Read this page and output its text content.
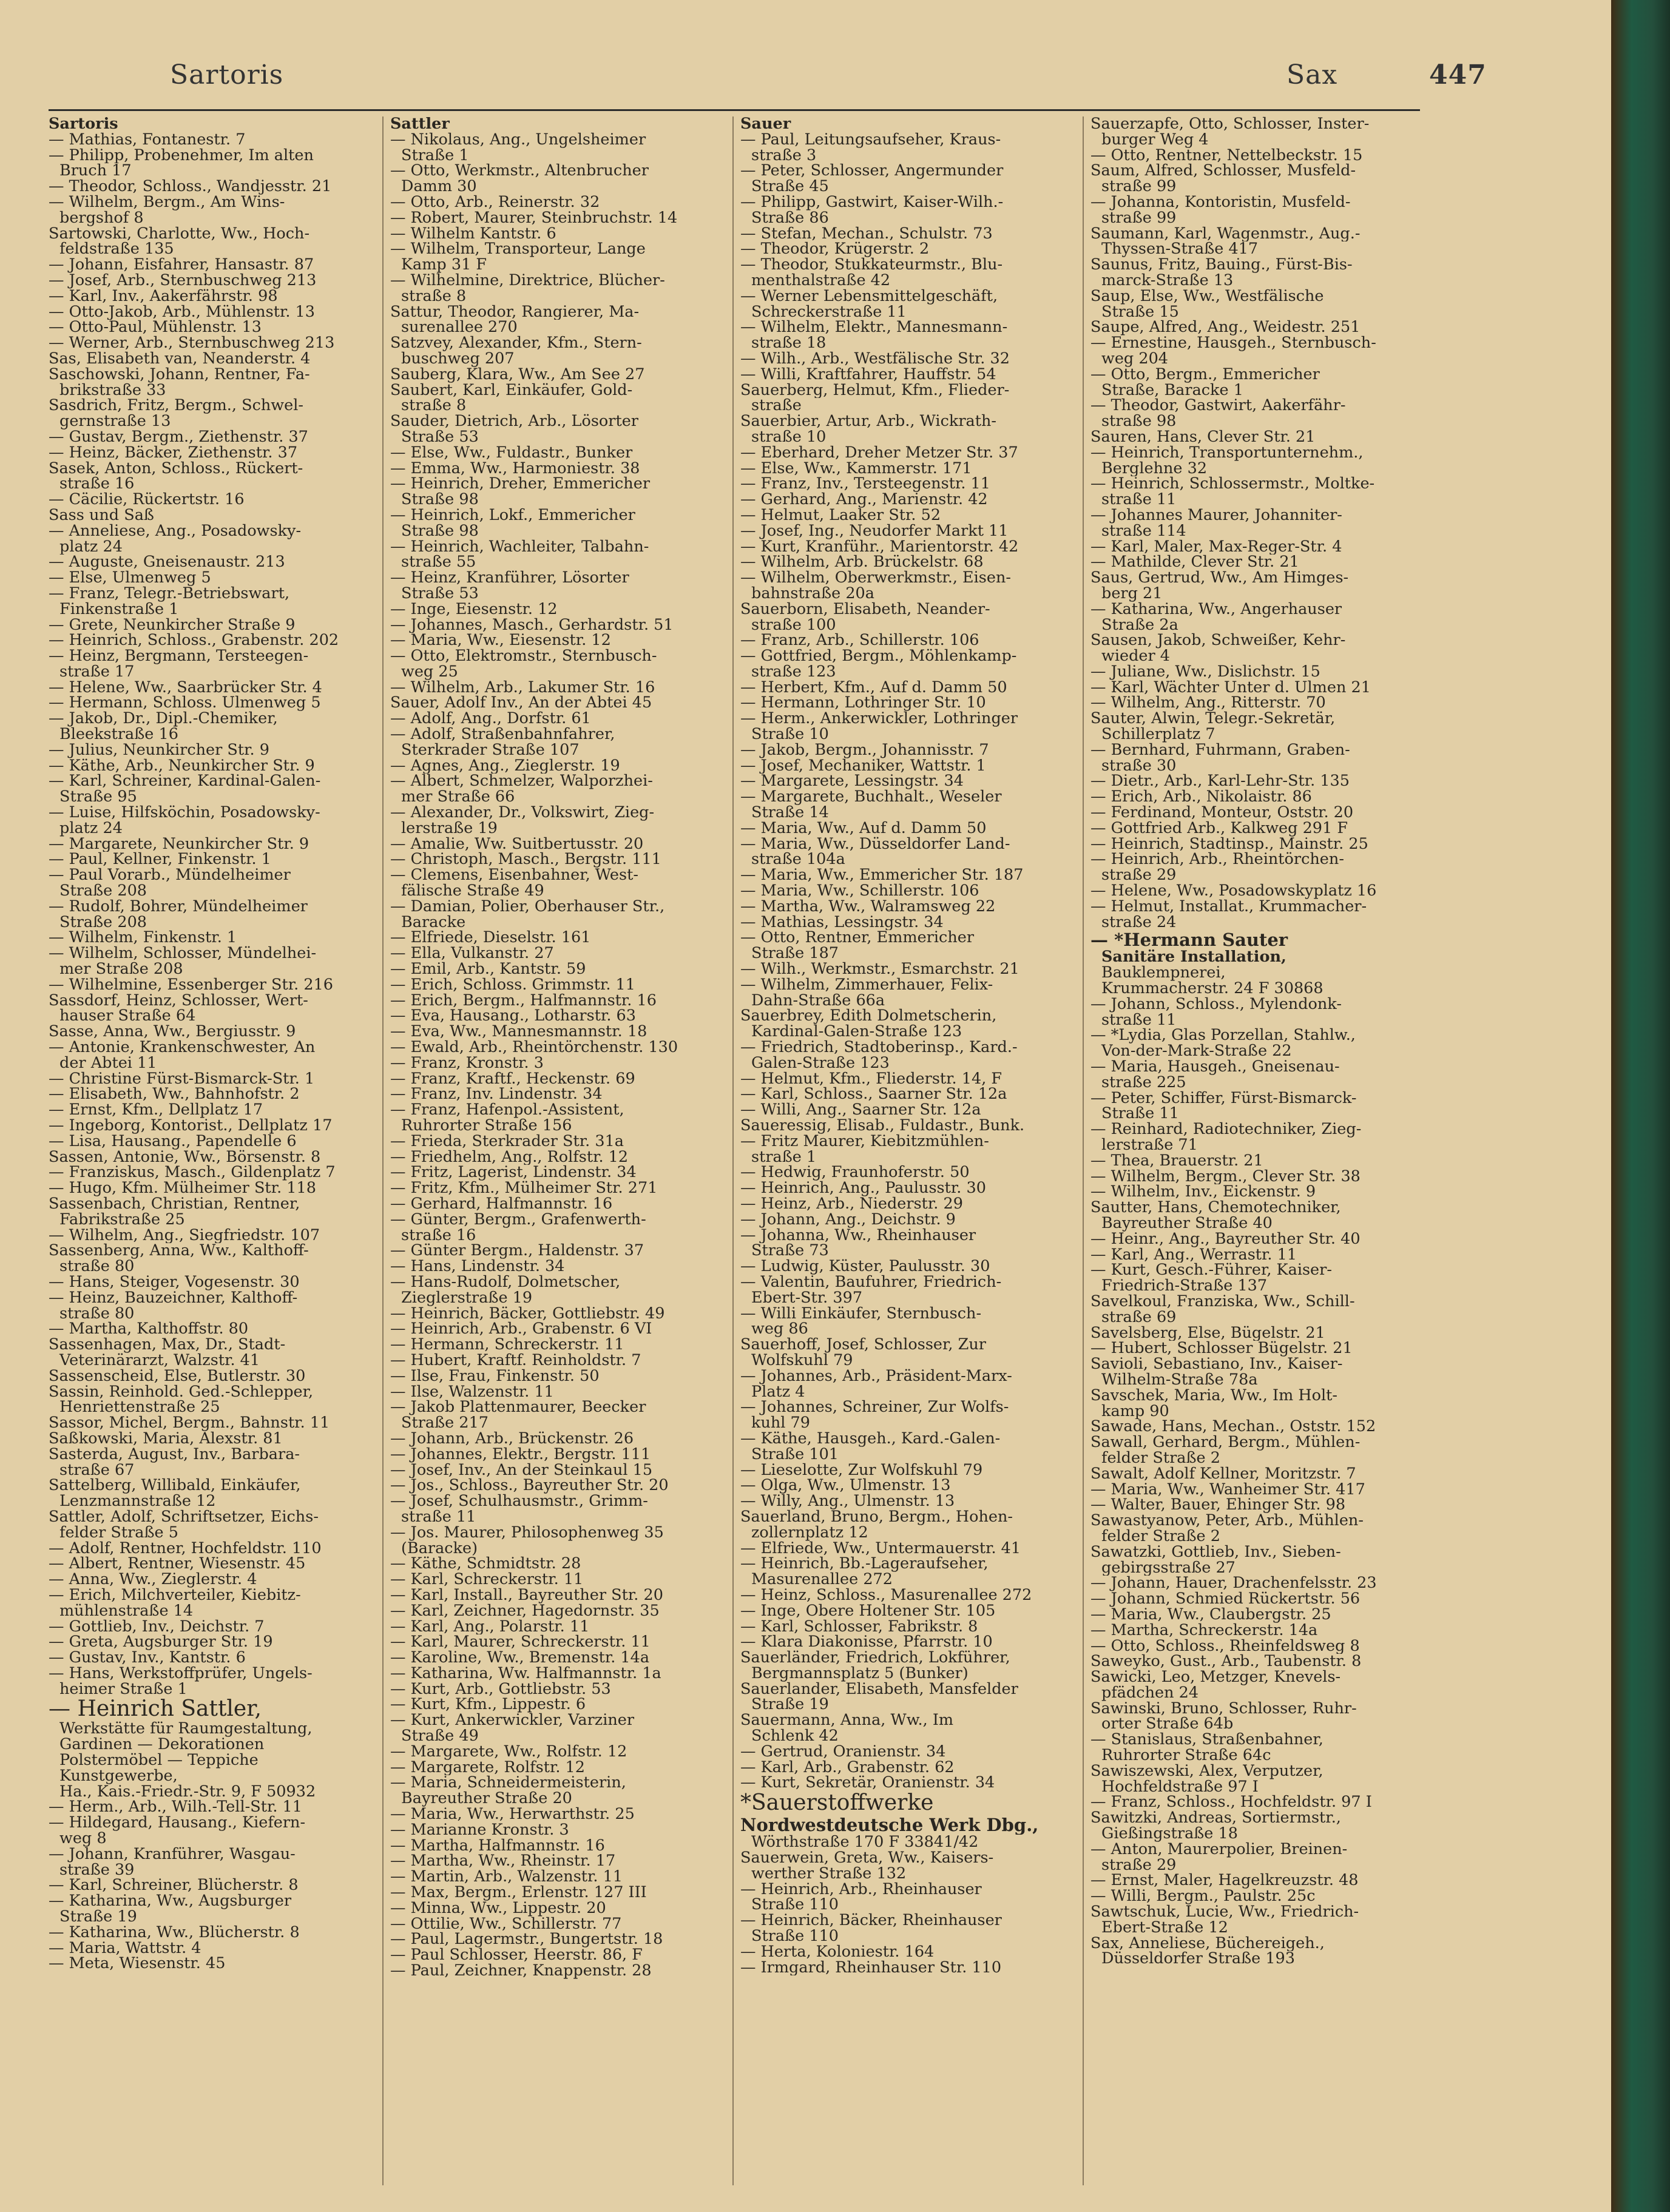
Sartoris	Sax	447
Sartoris
— Mathias, Fontanestr. 7
— Philipp, Probenehmer, Im alten
Bruch 17
— Theodor, Schloss., Wandjesstr. 21
— Wilhelm, Bergm., Am Wins-
bergshof 8
Sartowski, Charlotte, Ww., Hoch-
feldstraße 135
— Johann, Eisfahrer, Hansastr. 87
— Josef, Arb., Sternbuschweg 213
— Karl, Inv., Aakerfährstr. 98
— Otto-Jakob, Arb., Mühlenstr. 13
— Otto-Paul, Mühlenstr. 13
— Werner, Arb., Sternbuschweg 213
Sas, Elisabeth van, Neanderstr. 4
Saschowski, Johann, Rentner, Fa-
brikstraße 33
Sasdrich, Fritz, Bergm., Schwel-
gernstraße 13
— Gustav, Bergm., Ziethenstr. 37
— Heinz, Bäcker, Ziethenstr. 37
Sasek, Anton, Schloss., Rückert-
straße 16
— Cäcilie, Rückertstr. 16
Sass und Saß
— Anneliese, Ang., Posadowsky-
platz 24
— Auguste, Gneisenaustr. 213
— Else, Ulmenweg 5
— Franz, Telegr.-Betriebswart,
Finkenstraße 1
— Grete, Neunkircher Straße 9
— Heinrich, Schloss., Grabenstr. 202
— Heinz, Bergmann, Tersteegen-
straße 17
— Helene, Ww., Saarbrücker Str. 4
— Hermann, Schloss. Ulmenweg 5
— Jakob, Dr., Dipl.-Chemiker,
Bleekstraße 16
— Julius, Neunkircher Str. 9
— Käthe, Arb., Neunkircher Str. 9
— Karl, Schreiner, Kardinal-Galen-
Straße 95
— Luise, Hilfsköchin, Posadowsky-
platz 24
— Margarete, Neunkircher Str. 9
— Paul, Kellner, Finkenstr. 1
— Paul Vorarb., Mündelheimer
Straße 208
— Rudolf, Bohrer, Mündelheimer
Straße 208
— Wilhelm, Finkenstr. 1
— Wilhelm, Schlosser, Mündelhei-
mer Straße 208
— Wilhelmine, Essenberger Str. 216
Sassdorf, Heinz, Schlosser, Wert-
hauser Straße 64
Sasse, Anna, Ww., Bergiusstr. 9
— Antonie, Krankenschwester, An
der Abtei 11
— Christine Fürst-Bismarck-Str. 1
— Elisabeth, Ww., Bahnhofstr. 2
— Ernst, Kfm., Dellplatz 17
— Ingeborg, Kontorist., Dellplatz 17
— Lisa, Hausang., Papendelle 6
Sassen, Antonie, Ww., Börsenstr. 8
— Franziskus, Masch., Gildenplatz 7
— Hugo, Kfm. Mülheimer Str. 118
Sassenbach, Christian, Rentner,
Fabrikstraße 25
— Wilhelm, Ang., Siegfriedstr. 107
Sassenberg, Anna, Ww., Kalthoff-
straße 80
— Hans, Steiger, Vogesenstr. 30
— Heinz, Bauzeichner, Kalthoff-
straße 80
— Martha, Kalthoffstr. 80
Sassenhagen, Max, Dr., Stadt-
Veterinärarzt, Walzstr. 41
Sassenscheid, Else, Butlerstr. 30
Sassin, Reinhold. Ged.-Schlepper,
Henriettenstraße 25
Sassor, Michel, Bergm., Bahnstr. 11
Saßkowski, Maria, Alexstr. 81
Sasterda, August, Inv., Barbara-
straße 67
Sattelberg, Willibald, Einkäufer,
Lenzmannstraße 12
Sattler, Adolf, Schriftsetzer, Eichs-
felder Straße 5
— Adolf, Rentner, Hochfeldstr. 110
— Albert, Rentner, Wiesenstr. 45
— Anna, Ww., Zieglerstr. 4
— Erich, Milchverteiler, Kiebitz-
mühlenstraße 14
— Gottlieb, Inv., Deichstr. 7
— Greta, Augsburger Str. 19
— Gustav, Inv., Kantstr. 6
— Hans, Werkstoffprüfer, Ungels-
heimer Straße 1
— Heinrich Sattler,
Werkstätte für Raumgestaltung,
Gardinen — Dekorationen
Polstermöbel — Teppiche
Kunstgewerbe,
Ha., Kais.-Friedr.-Str. 9, F 50932
— Herm., Arb., Wilh.-Tell-Str. 11
— Hildegard, Hausang., Kiefern-
weg 8
— Johann, Kranführer, Wasgau-
straße 39
— Karl, Schreiner, Blücherstr. 8
— Katharina, Ww., Augsburger
Straße 19
— Katharina, Ww., Blücherstr. 8
— Maria, Wattstr. 4
— Meta, Wiesenstr. 45
Sattler
— Nikolaus, Ang., Ungelsheimer
Straße 1
— Otto, Werkmstr., Altenbrucher
Damm 30
— Otto, Arb., Reinerstr. 32
— Robert, Maurer, Steinbruchstr. 14
— Wilhelm Kantstr. 6
— Wilhelm, Transporteur, Lange
Kamp 31 F
— Wilhelmine, Direktrice, Blücher-
straße 8
Sattur, Theodor, Rangierer, Ma-
surenallee 270
Satzvey, Alexander, Kfm., Stern-
buschweg 207
Sauberg, Klara, Ww., Am See 27
Saubert, Karl, Einkäufer, Gold-
straße 8
Sauder, Dietrich, Arb., Lösorter
Straße 53
— Else, Ww., Fuldastr., Bunker
— Emma, Ww., Harmoniestr. 38
— Heinrich, Dreher, Emmericher
Straße 98
— Heinrich, Lokf., Emmericher
Straße 98
— Heinrich, Wachleiter, Talbahn-
straße 55
— Heinz, Kranführer, Lösorter
Straße 53
— Inge, Eiesenstr. 12
— Johannes, Masch., Gerhardstr. 51
— Maria, Ww., Eiesenstr. 12
— Otto, Elektromstr., Sternbusch-
weg 25
— Wilhelm, Arb., Lakumer Str. 16
Sauer, Adolf Inv., An der Abtei 45
— Adolf, Ang., Dorfstr. 61
— Adolf, Straßenbahnfahrer,
Sterkrader Straße 107
— Agnes, Ang., Zieglerstr. 19
— Albert, Schmelzer, Walporzhei-
mer Straße 66
— Alexander, Dr., Volkswirt, Zieg-
lerstraße 19
— Amalie, Ww. Suitbertusstr. 20
— Christoph, Masch., Bergstr. 111
— Clemens, Eisenbahner, West-
fälische Straße 49
— Damian, Polier, Oberhauser Str.,
Baracke
— Elfriede, Dieselstr. 161
— Ella, Vulkanstr. 27
— Emil, Arb., Kantstr. 59
— Erich, Schloss. Grimmstr. 11
— Erich, Bergm., Halfmannstr. 16
— Eva, Hausang., Lotharstr. 63
— Eva, Ww., Mannesmannstr. 18
— Ewald, Arb., Rheintörchenstr. 130
— Franz, Kronstr. 3
— Franz, Kraftf., Heckenstr. 69
— Franz, Inv. Lindenstr. 34
— Franz, Hafenpol.-Assistent,
Ruhrorter Straße 156
— Frieda, Sterkrader Str. 31a
— Friedhelm, Ang., Rolfstr. 12
— Fritz, Lagerist, Lindenstr. 34
— Fritz, Kfm., Mülheimer Str. 271
— Gerhard, Halfmannstr. 16
— Günter, Bergm., Grafenwerth-
straße 16
— Günter Bergm., Haldenstr. 37
— Hans, Lindenstr. 34
— Hans-Rudolf, Dolmetscher,
Zieglerstraße 19
— Heinrich, Bäcker, Gottliebstr. 49
— Heinrich, Arb., Grabenstr. 6 VI
— Hermann, Schreckerstr. 11
— Hubert, Kraftf. Reinholdstr. 7
— Ilse, Frau, Finkenstr. 50
— Ilse, Walzenstr. 11
— Jakob Plattenmaurer, Beecker
Straße 217
— Johann, Arb., Brückenstr. 26
— Johannes, Elektr., Bergstr. 111
— Josef, Inv., An der Steinkaul 15
— Jos., Schloss., Bayreuther Str. 20
— Josef, Schulhausmstr., Grimm-
straße 11
— Jos. Maurer, Philosophenweg 35
(Baracke)
— Käthe, Schmidtstr. 28
— Karl, Schreckerstr. 11
— Karl, Install., Bayreuther Str. 20
— Karl, Zeichner, Hagedornstr. 35
— Karl, Ang., Polarstr. 11
— Karl, Maurer, Schreckerstr. 11
— Karoline, Ww., Bremenstr. 14a
— Katharina, Ww. Halfmannstr. 1a
— Kurt, Arb., Gottliebstr. 53
— Kurt, Kfm., Lippestr. 6
— Kurt, Ankerwickler, Varziner
Straße 49
— Margarete, Ww., Rolfstr. 12
— Margarete, Rolfstr. 12
— Maria, Schneidermeisterin,
Bayreuther Straße 20
— Maria, Ww., Herwarthstr. 25
— Marianne Kronstr. 3
— Martha, Halfmannstr. 16
— Martha, Ww., Rheinstr. 17
— Martin, Arb., Walzenstr. 11
— Max, Bergm., Erlenstr. 127 III
— Minna, Ww., Lippestr. 20
— Ottilie, Ww., Schillerstr. 77
— Paul, Lagermstr., Bungertstr. 18
— Paul Schlosser, Heerstr. 86, F
— Paul, Zeichner, Knappenstr. 28
Sauer
— Paul, Leitungsaufseher, Kraus-
straße 3
— Peter, Schlosser, Angermunder
Straße 45
— Philipp, Gastwirt, Kaiser-Wilh.-
Straße 86
— Stefan, Mechan., Schulstr. 73
— Theodor, Krügerstr. 2
— Theodor, Stukkateurmstr., Blu-
menthalstraße 42
— Werner Lebensmittelgeschäft,
Schreckerstraße 11
— Wilhelm, Elektr., Mannesmann-
straße 18
— Wilh., Arb., Westfälische Str. 32
— Willi, Kraftfahrer, Hauffstr. 54
Sauerberg, Helmut, Kfm., Flieder-
straße
Sauerbier, Artur, Arb., Wickrath-
straße 10
— Eberhard, Dreher Metzer Str. 37
— Else, Ww., Kammerstr. 171
— Franz, Inv., Tersteegenstr. 11
— Gerhard, Ang., Marienstr. 42
— Helmut, Laaker Str. 52
— Josef, Ing., Neudorfer Markt 11
— Kurt, Kranführ., Marientorstr. 42
— Wilhelm, Arb. Brückelstr. 68
— Wilhelm, Oberwerkmstr., Eisen-
bahnstraße 20a
Sauerborn, Elisabeth, Neander-
straße 100
— Franz, Arb., Schillerstr. 106
— Gottfried, Bergm., Möhlenkamp-
straße 123
— Herbert, Kfm., Auf d. Damm 50
— Hermann, Lothringer Str. 10
— Herm., Ankerwickler, Lothringer
Straße 10
— Jakob, Bergm., Johannisstr. 7
— Josef, Mechaniker, Wattstr. 1
— Margarete, Lessingstr. 34
— Margarete, Buchhalt., Weseler
Straße 14
— Maria, Ww., Auf d. Damm 50
— Maria, Ww., Düsseldorfer Land-
straße 104a
— Maria, Ww., Emmericher Str. 187
— Maria, Ww., Schillerstr. 106
— Martha, Ww., Walramsweg 22
— Mathias, Lessingstr. 34
— Otto, Rentner, Emmericher
Straße 187
— Wilh., Werkmstr., Esmarchstr. 21
— Wilhelm, Zimmerhauer, Felix-
Dahn-Straße 66a
Sauerbrey, Edith Dolmetscherin,
Kardinal-Galen-Straße 123
— Friedrich, Stadtoberinsp., Kard.-
Galen-Straße 123
— Helmut, Kfm., Fliederstr. 14, F
— Karl, Schloss., Saarner Str. 12a
— Willi, Ang., Saarner Str. 12a
Saueressig, Elisab., Fuldastr., Bunk.
— Fritz Maurer, Kiebitzmühlen-
straße 1
— Hedwig, Fraunhoferstr. 50
— Heinrich, Ang., Paulusstr. 30
— Heinz, Arb., Niederstr. 29
— Johann, Ang., Deichstr. 9
— Johanna, Ww., Rheinhauser
Straße 73
— Ludwig, Küster, Paulusstr. 30
— Valentin, Baufuhrer, Friedrich-
Ebert-Str. 397
— Willi Einkäufer, Sternbusch-
weg 86
Sauerhoff, Josef, Schlosser, Zur
Wolfskuhl 79
— Johannes, Arb., Präsident-Marx-
Platz 4
— Johannes, Schreiner, Zur Wolfs-
kuhl 79
— Käthe, Hausgeh., Kard.-Galen-
Straße 101
— Lieselotte, Zur Wolfskuhl 79
— Olga, Ww., Ulmenstr. 13
— Willy, Ang., Ulmenstr. 13
Sauerland, Bruno, Bergm., Hohen-
zollernplatz 12
— Elfriede, Ww., Untermauerstr. 41
— Heinrich, Bb.-Lageraufseher,
Masurenallee 272
— Heinz, Schloss., Masurenallee 272
— Inge, Obere Holtener Str. 105
— Karl, Schlosser, Fabrikstr. 8
— Klara Diakonisse, Pfarrstr. 10
Sauerländer, Friedrich, Lokführer,
Bergmannsplatz 5 (Bunker)
Sauerlander, Elisabeth, Mansfelder
Straße 19
Sauermann, Anna, Ww., Im
Schlenk 42
— Gertrud, Oranienstr. 34
— Karl, Arb., Grabenstr. 62
— Kurt, Sekretär, Oranienstr. 34
*Sauerstoffwerke
Nordwestdeutsche Werk Dbg.,
Wörthstraße 170 F 33841/42
Sauerwein, Greta, Ww., Kaisers-
werther Straße 132
— Heinrich, Arb., Rheinhauser
Straße 110
— Heinrich, Bäcker, Rheinhauser
Straße 110
— Herta, Koloniestr. 164
— Irmgard, Rheinhauser Str. 110
Sauerzapfe, Otto, Schlosser, Inster-
burger Weg 4
— Otto, Rentner, Nettelbeckstr. 15
Saum, Alfred, Schlosser, Musfeld-
straße 99
— Johanna, Kontoristin, Musfeld-
straße 99
Saumann, Karl, Wagenmstr., Aug.-
Thyssen-Straße 417
Saunus, Fritz, Bauing., Fürst-Bis-
marck-Straße 13
Saup, Else, Ww., Westfälische
Straße 15
Saupe, Alfred, Ang., Weidestr. 251
— Ernestine, Hausgeh., Sternbusch-
weg 204
— Otto, Bergm., Emmericher
Straße, Baracke 1
— Theodor, Gastwirt, Aakerfähr-
straße 98
Sauren, Hans, Clever Str. 21
— Heinrich, Transportunternehm.,
Berglehne 32
— Heinrich, Schlossermstr., Moltke-
straße 11
— Johannes Maurer, Johanniter-
straße 114
— Karl, Maler, Max-Reger-Str. 4
— Mathilde, Clever Str. 21
Saus, Gertrud, Ww., Am Himges-
berg 21
— Katharina, Ww., Angerhauser
Straße 2a
Sausen, Jakob, Schweißer, Kehr-
wieder 4
— Juliane, Ww., Dislichstr. 15
— Karl, Wächter Unter d. Ulmen 21
— Wilhelm, Ang., Ritterstr. 70
Sauter, Alwin, Telegr.-Sekretär,
Schillerplatz 7
— Bernhard, Fuhrmann, Graben-
straße 30
— Dietr., Arb., Karl-Lehr-Str. 135
— Erich, Arb., Nikolaistr. 86
— Ferdinand, Monteur, Oststr. 20
— Gottfried Arb., Kalkweg 291 F
— Heinrich, Stadtinsp., Mainstr. 25
— Heinrich, Arb., Rheintörchen-
straße 29
— Helene, Ww., Posadowskyplatz 16
— Helmut, Installat., Krummacher-
straße 24
— *Hermann Sauter
Sanitäre Installation,
Bauklempnerei,
Krummacherstr. 24 F 30868
— Johann, Schloss., Mylendonk-
straße 11
— *Lydia, Glas Porzellan, Stahlw.,
Von-der-Mark-Straße 22
— Maria, Hausgeh., Gneisenau-
straße 225
— Peter, Schiffer, Fürst-Bismarck-
Straße 11
— Reinhard, Radiotechniker, Zieg-
lerstraße 71
— Thea, Brauerstr. 21
— Wilhelm, Bergm., Clever Str. 38
— Wilhelm, Inv., Eickenstr. 9
Sautter, Hans, Chemotechniker,
Bayreuther Straße 40
— Heinr., Ang., Bayreuther Str. 40
— Karl, Ang., Werrastr. 11
— Kurt, Gesch.-Führer, Kaiser-
Friedrich-Straße 137
Savelkoul, Franziska, Ww., Schill-
straße 69
Savelsberg, Else, Bügelstr. 21
— Hubert, Schlosser Bügelstr. 21
Savioli, Sebastiano, Inv., Kaiser-
Wilhelm-Straße 78a
Savschek, Maria, Ww., Im Holt-
kamp 90
Sawade, Hans, Mechan., Oststr. 152
Sawall, Gerhard, Bergm., Mühlen-
felder Straße 2
Sawalt, Adolf Kellner, Moritzstr. 7
— Maria, Ww., Wanheimer Str. 417
— Walter, Bauer, Ehinger Str. 98
Sawastyanow, Peter, Arb., Mühlen-
felder Straße 2
Sawatzki, Gottlieb, Inv., Sieben-
gebirgsstraße 27
— Johann, Hauer, Drachenfelsstr. 23
— Johann, Schmied Rückertstr. 56
— Maria, Ww., Claubergstr. 25
— Martha, Schreckerstr. 14a
— Otto, Schloss., Rheinfeldsweg 8
Saweyko, Gust., Arb., Taubenstr. 8
Sawicki, Leo, Metzger, Knevels-
pfädchen 24
Sawinski, Bruno, Schlosser, Ruhr-
orter Straße 64b
— Stanislaus, Straßenbahner,
Ruhrorter Straße 64c
Sawiszewski, Alex, Verputzer,
Hochfeldstraße 97 I
— Franz, Schloss., Hochfeldstr. 97 I
Sawitzki, Andreas, Sortiermstr.,
Gießingstraße 18
— Anton, Maurerpolier, Breinen-
straße 29
— Ernst, Maler, Hagelkreuzstr. 48
— Willi, Bergm., Paulstr. 25c
Sawtschuk, Lucie, Ww., Friedrich-
Ebert-Straße 12
Sax, Anneliese, Büchereigeh.,
Düsseldorfer Straße 193
